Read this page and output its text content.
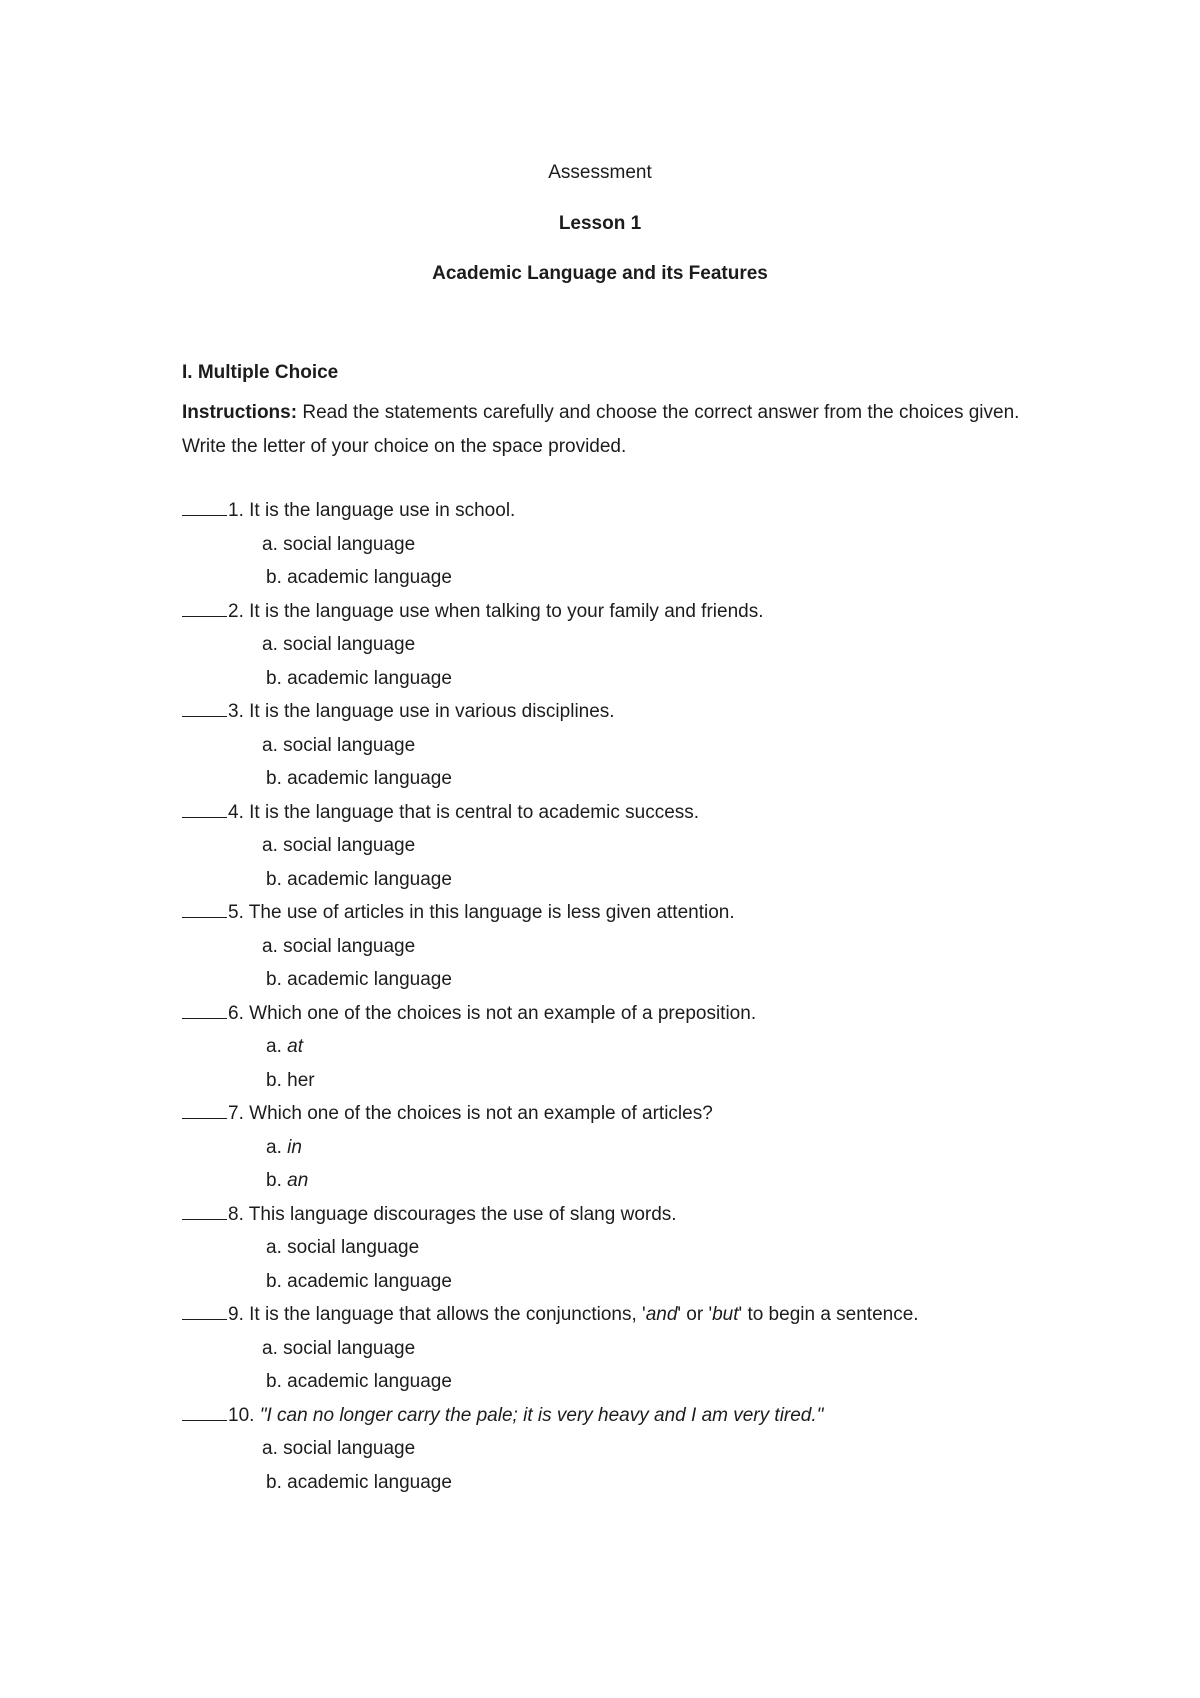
Assessment
Lesson 1
Academic Language and its Features
I. Multiple Choice
Instructions: Read the statements carefully and choose the correct answer from the choices given. Write the letter of your choice on the space provided.
1. It is the language use in school.
a. social language
b. academic language
2. It is the language use when talking to your family and friends.
a. social language
b. academic language
3. It is the language use in various disciplines.
a. social language
b. academic language
4. It is the language that is central to academic success.
a. social language
b. academic language
5. The use of articles in this language is less given attention.
a. social language
b. academic language
6. Which one of the choices is not an example of a preposition.
a. at
b. her
7. Which one of the choices is not an example of articles?
a. in
b. an
8. This language discourages the use of slang words.
a. social language
b. academic language
9. It is the language that allows the conjunctions, 'and' or 'but' to begin a sentence.
a. social language
b. academic language
10. "I can no longer carry the pale; it is very heavy and I am very tired."
a. social language
b. academic language
